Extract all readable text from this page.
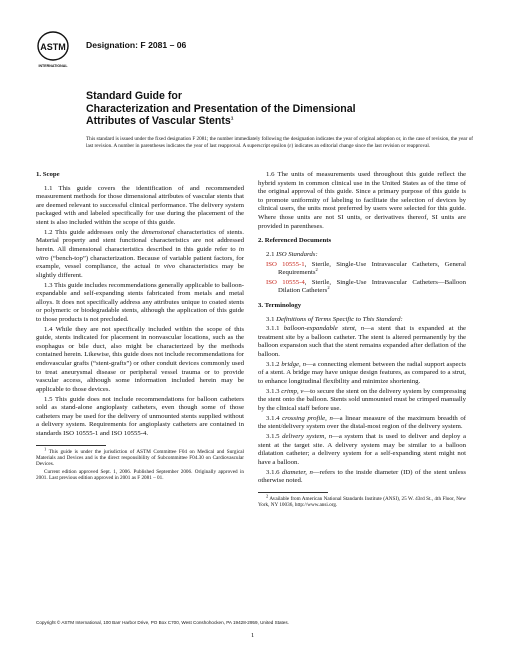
ASTM
INTERNATIONAL
Designation: F 2081 – 06
Standard Guide for
Characterization and Presentation of the Dimensional
Attributes of Vascular Stents$^1$
This standard is issued under the fixed designation F 2081; the number immediately following the designation indicates the year of original adoption or, in the case of revision, the year of last revision. A number in parentheses indicates the year of last reapproval. A superscript epsilon (ε) indicates an editorial change since the last revision or reapproval.

1. Scope

1.1 This guide covers the identification of and recommended measurement methods for those dimensional attributes of vascular stents that are deemed relevant to successful clinical performance. The delivery system packaged with and labeled specifically for use during the placement of the stent is also included within the scope of this guide.

1.2 This guide addresses only the dimensional characteristics of stents. Material property and stent functional characteristics are not addressed herein. All dimensional characteristics described in this guide refer to in vitro (“bench-top”) characterization. Because of variable patient factors, for example, vessel compliance, the actual in vivo characteristics may be slightly different.

1.3 This guide includes recommendations generally applicable to balloon-expandable and self-expanding stents fabricated from metals and metal alloys. It does not specifically address any attributes unique to coated stents or polymeric or biodegradable stents, although the application of this guide to those products is not precluded.

1.4 While they are not specifically included within the scope of this guide, stents indicated for placement in nonvascular locations, such as the esophagus or bile duct, also might be characterized by the methods contained herein. Likewise, this guide does not include recommendations for endovascular grafts (“stent-grafts”) or other conduit devices commonly used to treat aneurysmal disease or peripheral vessel trauma or to provide vascular access, although some information included herein may be applicable to those devices.

1.5 This guide does not include recommendations for balloon catheters sold as stand-alone angioplasty catheters, even though some of those catheters may be used for the delivery of unmounted stents supplied without a delivery system. Requirements for angioplasty catheters are contained in standards ISO 10555-1 and ISO 10555-4.

$^1$ This guide is under the jurisdiction of ASTM Committee F04 on Medical and Surgical Materials and Devices and is the direct responsibility of Subcommittee F04.30 on Cardiovascular Devices.

Current edition approved Sept. 1, 2006. Published September 2006. Originally approved in 2001. Last previous edition approved in 2001 as F 2081 – 01.

1.6 The units of measurements used throughout this guide reflect the hybrid system in common clinical use in the United States as of the time of the original approval of this guide. Since a primary purpose of this guide is to promote uniformity of labeling to facilitate the selection of devices by clinical users, the units most preferred by users were selected for this guide. Where those units are not SI units, or derivatives thereof, SI units are provided in parentheses.

2. Referenced Documents

2.1 ISO Standards:

ISO 10555-1, Sterile, Single-Use Intravascular Catheters, General Requirements$^2$

ISO 10555-4, Sterile, Single-Use Intravascular Catheters—Balloon Dilation Catheters$^2$

3. Terminology

3.1 Definitions of Terms Specific to This Standard:

3.1.1 balloon-expandable stent, n—a stent that is expanded at the treatment site by a balloon catheter. The stent is altered permanently by the balloon expansion such that the stent remains expanded after deflation of the balloon.

3.1.2 bridge, n—a connecting element between the radial support aspects of a stent. A bridge may have unique design features, as compared to a strut, to enhance longitudinal flexibility and minimize shortening.

3.1.3 crimp, v—to secure the stent on the delivery system by compressing the stent onto the balloon. Stents sold unmounted must be crimped manually by the clinical staff before use.

3.1.4 crossing profile, n—a linear measure of the maximum breadth of the stent/delivery system over the distal-most region of the delivery system.

3.1.5 delivery system, n—a system that is used to deliver and deploy a stent at the target site. A delivery system may be similar to a balloon dilatation catheter; a delivery system for a self-expanding stent might not have a balloon.

3.1.6 diameter, n—refers to the inside diameter (ID) of the stent unless otherwise noted.

$^2$ Available from American National Standards Institute (ANSI), 25 W. 43rd St., 4th Floor, New York, NY 10036, http://www.ansi.org.

Copyright © ASTM International, 100 Barr Harbor Drive, PO Box C700, West Conshohocken, PA 19428-2959, United States.
1
